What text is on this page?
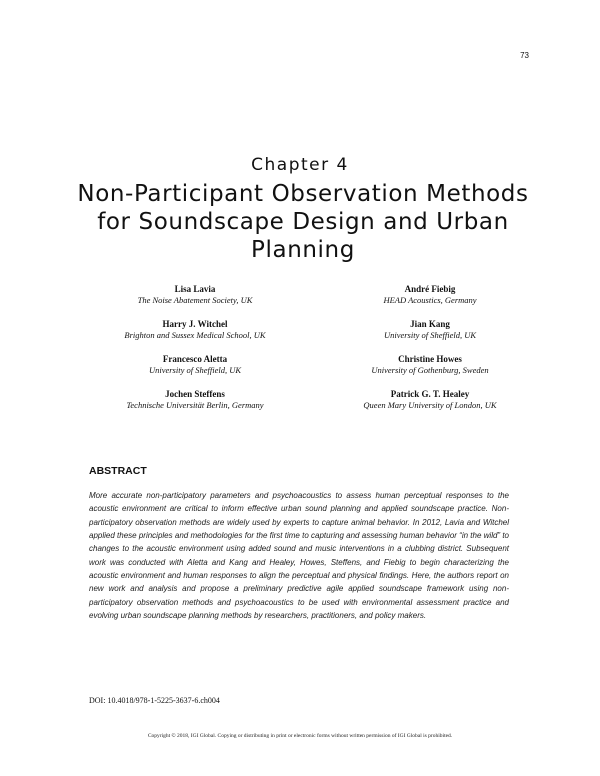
73
Chapter 4
Non-Participant Observation Methods for Soundscape Design and Urban Planning
Lisa Lavia
The Noise Abatement Society, UK
Harry J. Witchel
Brighton and Sussex Medical School, UK
Francesco Aletta
University of Sheffield, UK
Jochen Steffens
Technische Universität Berlin, Germany
André Fiebig
HEAD Acoustics, Germany
Jian Kang
University of Sheffield, UK
Christine Howes
University of Gothenburg, Sweden
Patrick G. T. Healey
Queen Mary University of London, UK
ABSTRACT

More accurate non-participatory parameters and psychoacoustics to assess human perceptual responses to the acoustic environment are critical to inform effective urban sound planning and applied soundscape practice. Non-participatory observation methods are widely used by experts to capture animal behavior. In 2012, Lavia and Witchel applied these principles and methodologies for the first time to capturing and assessing human behavior “in the wild” to changes to the acoustic environment using added sound and music interventions in a clubbing district. Subsequent work was conducted with Aletta and Kang and Healey, Howes, Steffens, and Fiebig to begin characterizing the acoustic environment and human responses to align the perceptual and physical findings. Here, the authors report on new work and analysis and propose a preliminary predictive agile applied soundscape framework using non-participatory observation methods and psychoacoustics to be used with environmental assessment practice and evolving urban soundscape planning methods by researchers, practitioners, and policy makers.

DOI: 10.4018/978-1-5225-3637-6.ch004
Copyright © 2018, IGI Global. Copying or distributing in print or electronic forms without written permission of IGI Global is prohibited.
